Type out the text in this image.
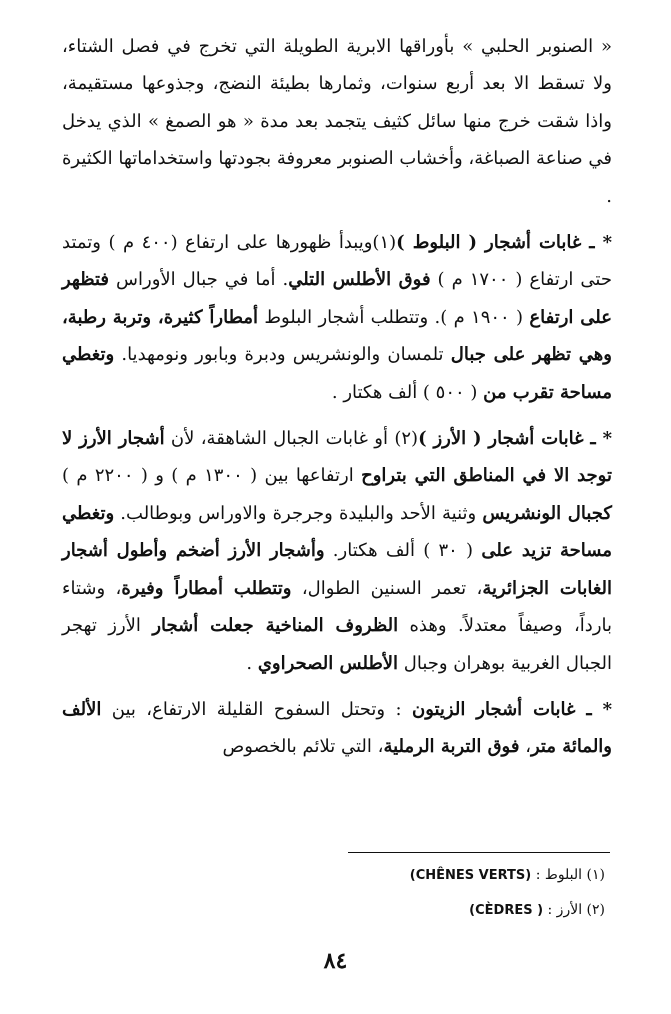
« الصنوبر الحلبي » بأوراقها الابرية الطويلة التي تخرج في فصل الشتاء، ولا تسقط الا بعد أربع سنوات، وثمارها بطيئة النضج، وجذوعها مستقيمة، واذا شقت خرج منها سائل كثيف يتجمد بعد مدة « هو الصمغ » الذي يدخل في صناعة الصباغة، وأخشاب الصنوبر معروفة بجودتها واستخداماتها الكثيرة .

* ـ غابات أشجار ( البلوط )(١)ويبدأ ظهورها على ارتفاع (٤٠٠ م ) وتمتد حتى ارتفاع ( ١٧٠٠ م ) فوق الأطلس التلي. أما في جبال الأوراس فتظهر على ارتفاع ( ١٩٠٠ م ). وتتطلب أشجار البلوط أمطاراً كثيرة، وتربة رطبة، وهي تظهر على جبال تلمسان والونشريس ودبرة وبابور ونومهديا. وتغطي مساحة تقرب من ( ٥٠٠ ) ألف هكتار .

* ـ غابات أشجار ( الأرز )(٢) أو غابات الجبال الشاهقة، لأن أشجار الأرز لا توجد الا في المناطق التي بتراوح ارتفاعها بين ( ١٣٠٠ م ) و ( ٢٢٠٠ م ) كجبال الونشريس وثنية الأحد والبليدة وجرجرة والاوراس وبوطالب. وتغطي مساحة تزيد على ( ٣٠ ) ألف هكتار. وأشجار الأرز أضخم وأطول أشجار الغابات الجزائرية، تعمر السنين الطوال، وتتطلب أمطاراً وفيرة، وشتاء بارداً، وصيفاً معتدلاً. وهذه الظروف المناخية جعلت أشجار الأرز تهجر الجبال الغربية بوهران وجبال الأطلس الصحراوي .

* ـ غابات أشجار الزيتون : وتحتل السفوح القليلة الارتفاع، بين الألف والمائة متر، فوق التربة الرملية، التي تلائم بالخصوص

(١) البلوط : (CHÊNES VERTS)
(٢) الأرز : ( CÈDRES)
٨٤
